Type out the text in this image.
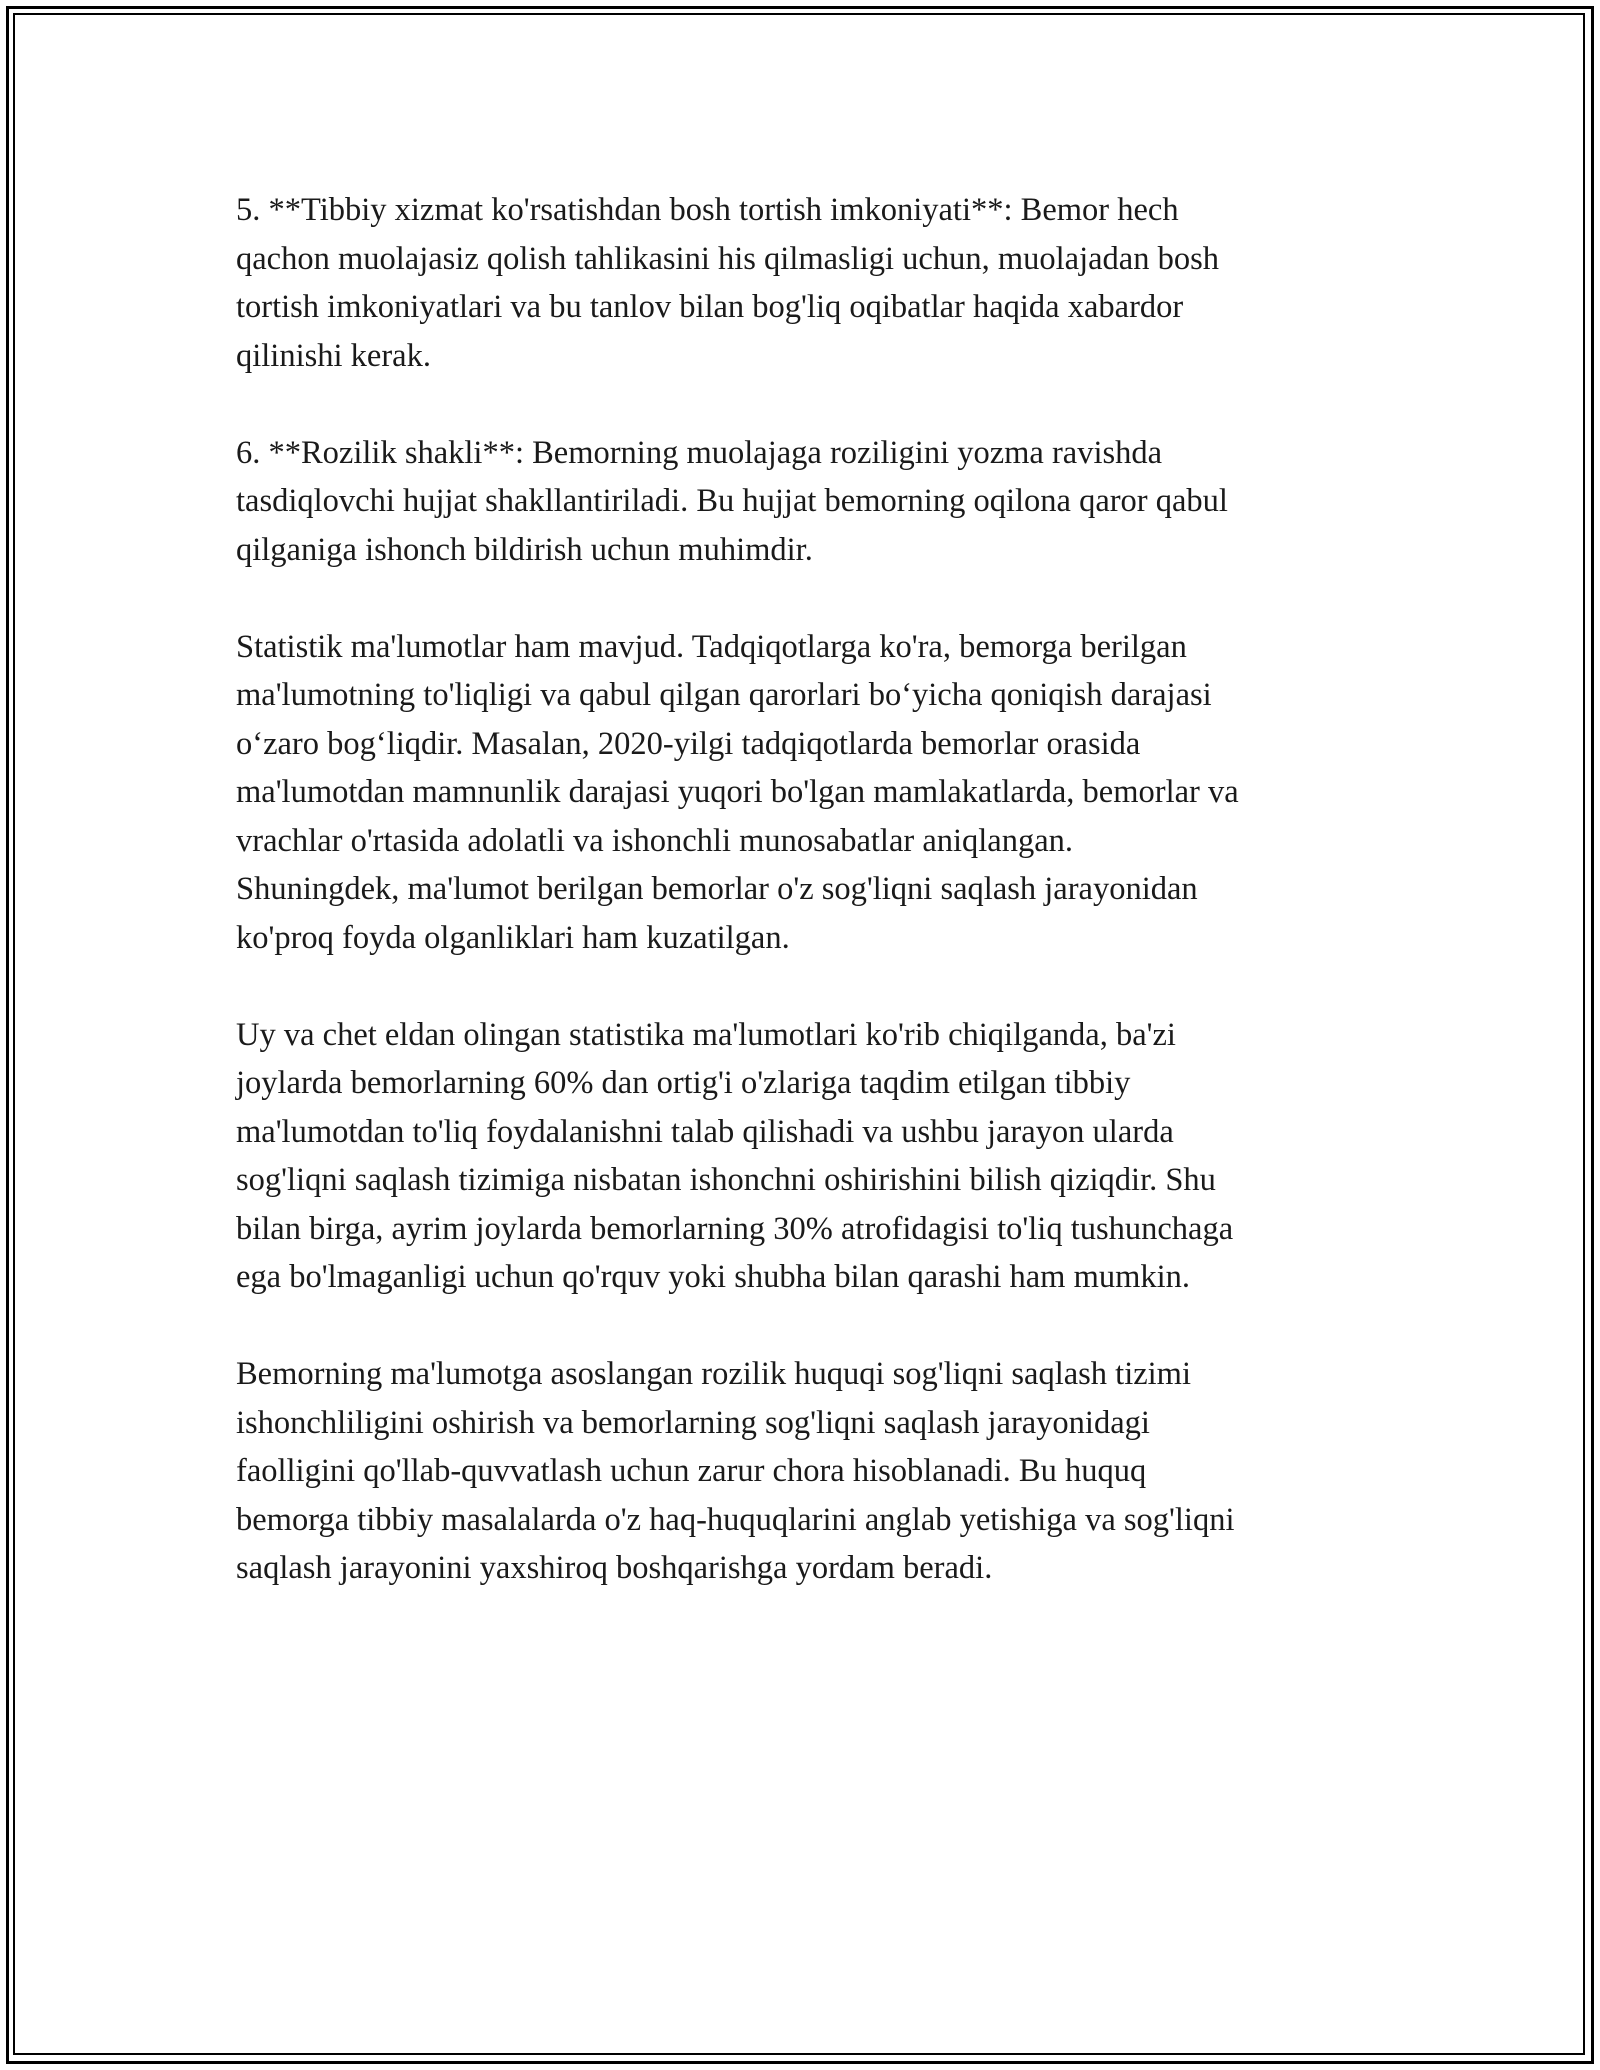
5. **Tibbiy xizmat ko'rsatishdan bosh tortish imkoniyati**: Bemor hech
qachon muolajasiz qolish tahlikasini his qilmasligi uchun, muolajadan bosh
tortish imkoniyatlari va bu tanlov bilan bog'liq oqibatlar haqida xabardor
qilinishi kerak.

6. **Rozilik shakli**: Bemorning muolajaga roziligini yozma ravishda
tasdiqlovchi hujjat shakllantiriladi. Bu hujjat bemorning oqilona qaror qabul
qilganiga ishonch bildirish uchun muhimdir.

Statistik ma'lumotlar ham mavjud. Tadqiqotlarga ko'ra, bemorga berilgan
ma'lumotning to'liqligi va qabul qilgan qarorlari bo‘yicha qoniqish darajasi
o‘zaro bog‘liqdir. Masalan, 2020-yilgi tadqiqotlarda bemorlar orasida
ma'lumotdan mamnunlik darajasi yuqori bo'lgan mamlakatlarda, bemorlar va
vrachlar o'rtasida adolatli va ishonchli munosabatlar aniqlangan.
Shuningdek, ma'lumot berilgan bemorlar o'z sog'liqni saqlash jarayonidan
ko'proq foyda olganliklari ham kuzatilgan.

Uy va chet eldan olingan statistika ma'lumotlari ko'rib chiqilganda, ba'zi
joylarda bemorlarning 60% dan ortig'i o'zlariga taqdim etilgan tibbiy
ma'lumotdan to'liq foydalanishni talab qilishadi va ushbu jarayon ularda
sog'liqni saqlash tizimiga nisbatan ishonchni oshirishini bilish qiziqdir. Shu
bilan birga, ayrim joylarda bemorlarning 30% atrofidagisi to'liq tushunchaga
ega bo'lmaganligi uchun qo'rquv yoki shubha bilan qarashi ham mumkin.

Bemorning ma'lumotga asoslangan rozilik huquqi sog'liqni saqlash tizimi
ishonchliligini oshirish va bemorlarning sog'liqni saqlash jarayonidagi
faolligini qo'llab-quvvatlash uchun zarur chora hisoblanadi. Bu huquq
bemorga tibbiy masalalarda o'z haq-huquqlarini anglab yetishiga va sog'liqni
saqlash jarayonini yaxshiroq boshqarishga yordam beradi.
